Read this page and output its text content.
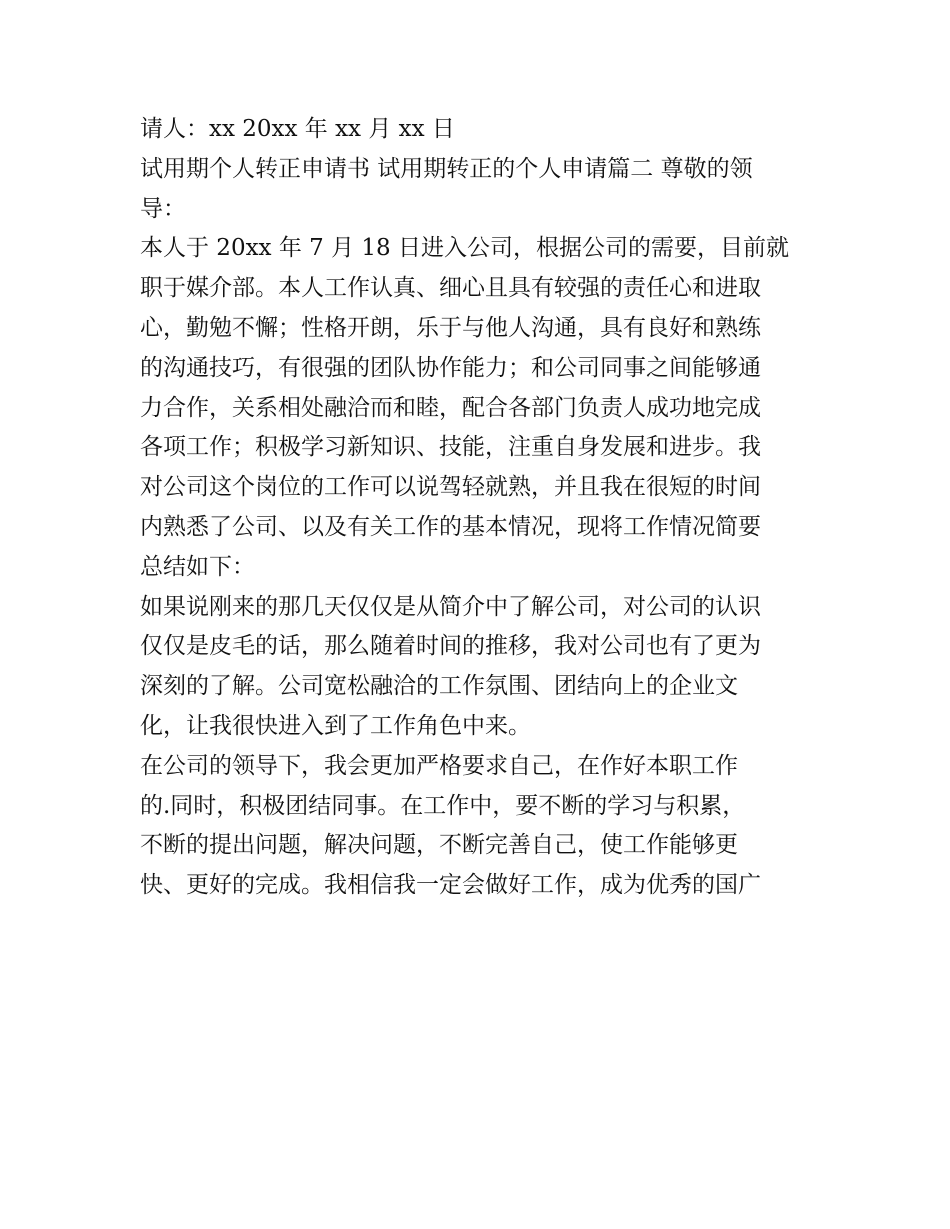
请人：xx 20xx 年 xx 月 xx 日
试用期个人转正申请书 试用期转正的个人申请篇二 尊敬的领
导：
本人于 20xx 年 7 月 18 日进入公司，根据公司的需要，目前就
职于媒介部。本人工作认真、细心且具有较强的责任心和进取
心，勤勉不懈；性格开朗，乐于与他人沟通，具有良好和熟练
的沟通技巧，有很强的团队协作能力；和公司同事之间能够通
力合作，关系相处融洽而和睦，配合各部门负责人成功地完成
各项工作；积极学习新知识、技能，注重自身发展和进步。我
对公司这个岗位的工作可以说驾轻就熟，并且我在很短的时间
内熟悉了公司、以及有关工作的基本情况，现将工作情况简要
总结如下：
如果说刚来的那几天仅仅是从简介中了解公司，对公司的认识
仅仅是皮毛的话，那么随着时间的推移，我对公司也有了更为
深刻的了解。公司宽松融洽的工作氛围、团结向上的企业文
化，让我很快进入到了工作角色中来。
在公司的领导下，我会更加严格要求自己，在作好本职工作
的.同时，积极团结同事。在工作中，要不断的学习与积累，
不断的提出问题，解决问题，不断完善自己，使工作能够更
快、更好的完成。我相信我一定会做好工作，成为优秀的国广
